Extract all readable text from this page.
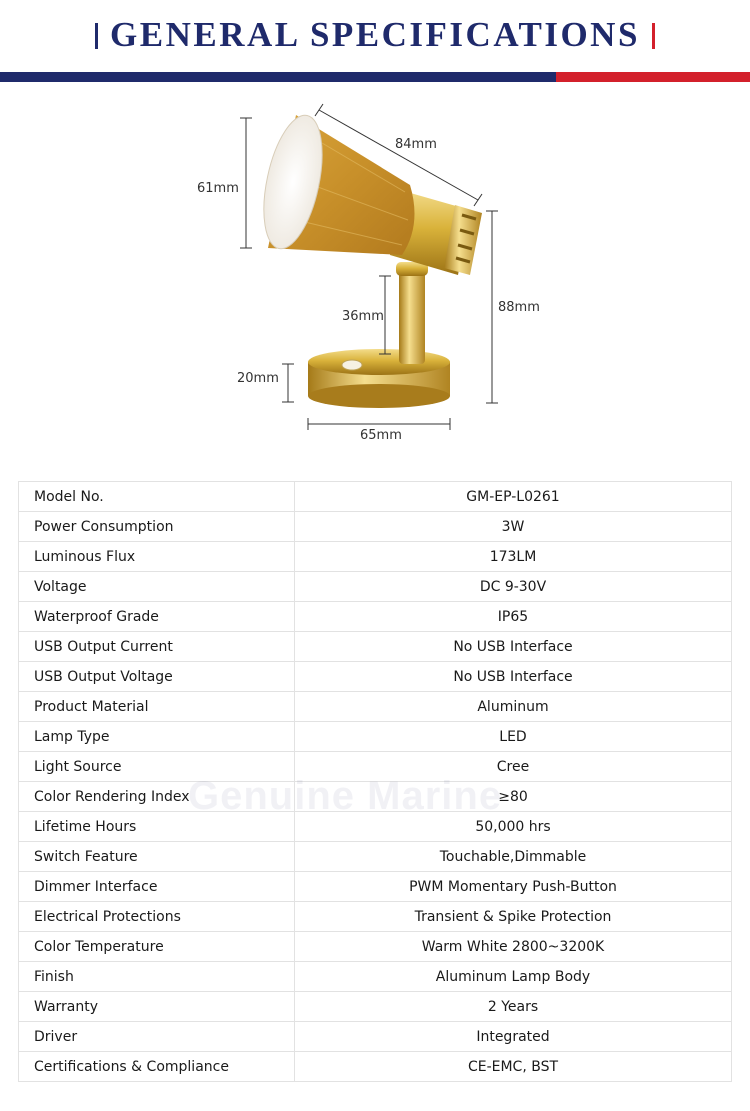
GENERAL SPECIFICATIONS
84mm
61mm
88mm
36mm
20mm
65mm
Model No.	GM-EP-L0261
Power Consumption	3W
Luminous Flux	173LM
Voltage	DC 9-30V
Waterproof Grade	IP65
USB Output Current	No USB Interface
USB Output Voltage	No USB Interface
Product Material	Aluminum
Lamp Type	LED
Light Source	Cree
Color Rendering Index	≥80
Lifetime Hours	50,000 hrs
Switch Feature	Touchable,Dimmable
Dimmer Interface	PWM Momentary Push-Button
Electrical Protections	Transient & Spike Protection
Color Temperature	Warm White 2800~3200K
Finish	Aluminum Lamp Body
Warranty	2 Years
Driver	Integrated
Certifications & Compliance	CE-EMC, BST
Genuine Marine
